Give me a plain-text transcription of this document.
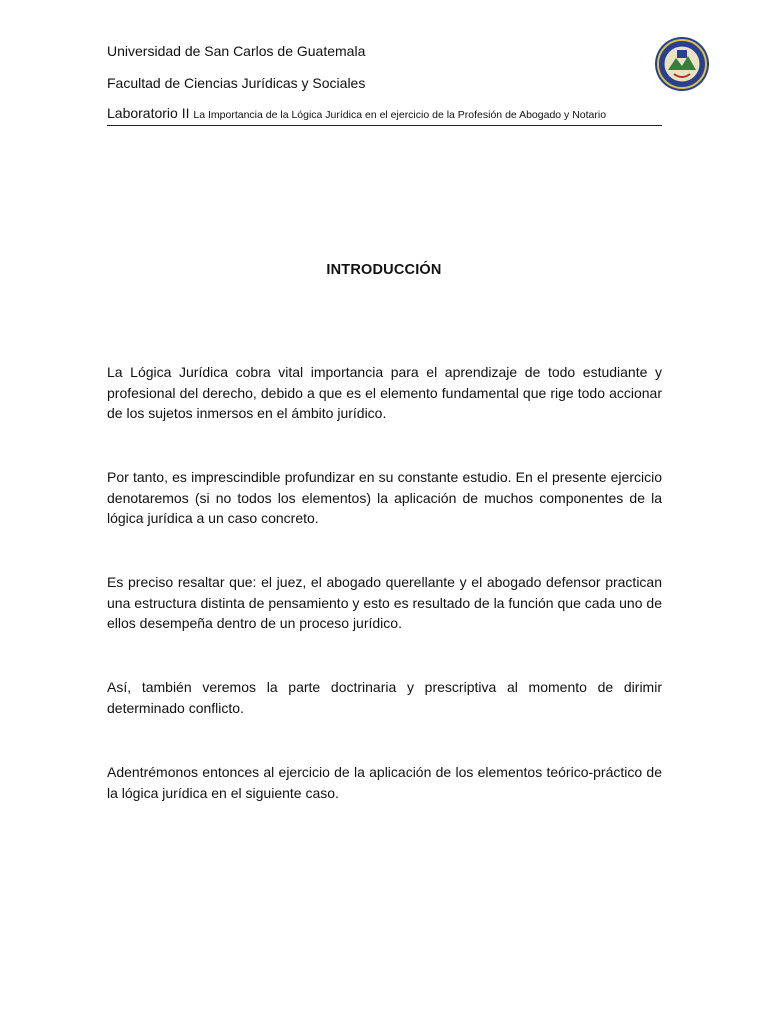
Universidad de San Carlos de Guatemala
Facultad de Ciencias Jurídicas y Sociales
Laboratorio II La Importancia de la Lógica Jurídica en el ejercicio de la Profesión de Abogado y Notario
INTRODUCCIÓN
La Lógica Jurídica cobra vital importancia para el aprendizaje de todo estudiante y profesional del derecho, debido a que es el elemento fundamental que rige todo accionar de los sujetos inmersos en el ámbito jurídico.
Por tanto, es imprescindible profundizar en su constante estudio. En el presente ejercicio denotaremos (si no todos los elementos) la aplicación de muchos componentes de la lógica jurídica a un caso concreto.
Es preciso resaltar que: el juez, el abogado querellante y el abogado defensor practican una estructura distinta de pensamiento y esto es resultado de la función que cada uno de ellos desempeña dentro de un proceso jurídico.
Así, también veremos la parte doctrinaria y prescriptiva al momento de dirimir determinado conflicto.
Adentrémonos entonces al ejercicio de la aplicación de los elementos teórico-práctico de la lógica jurídica en el siguiente caso.
